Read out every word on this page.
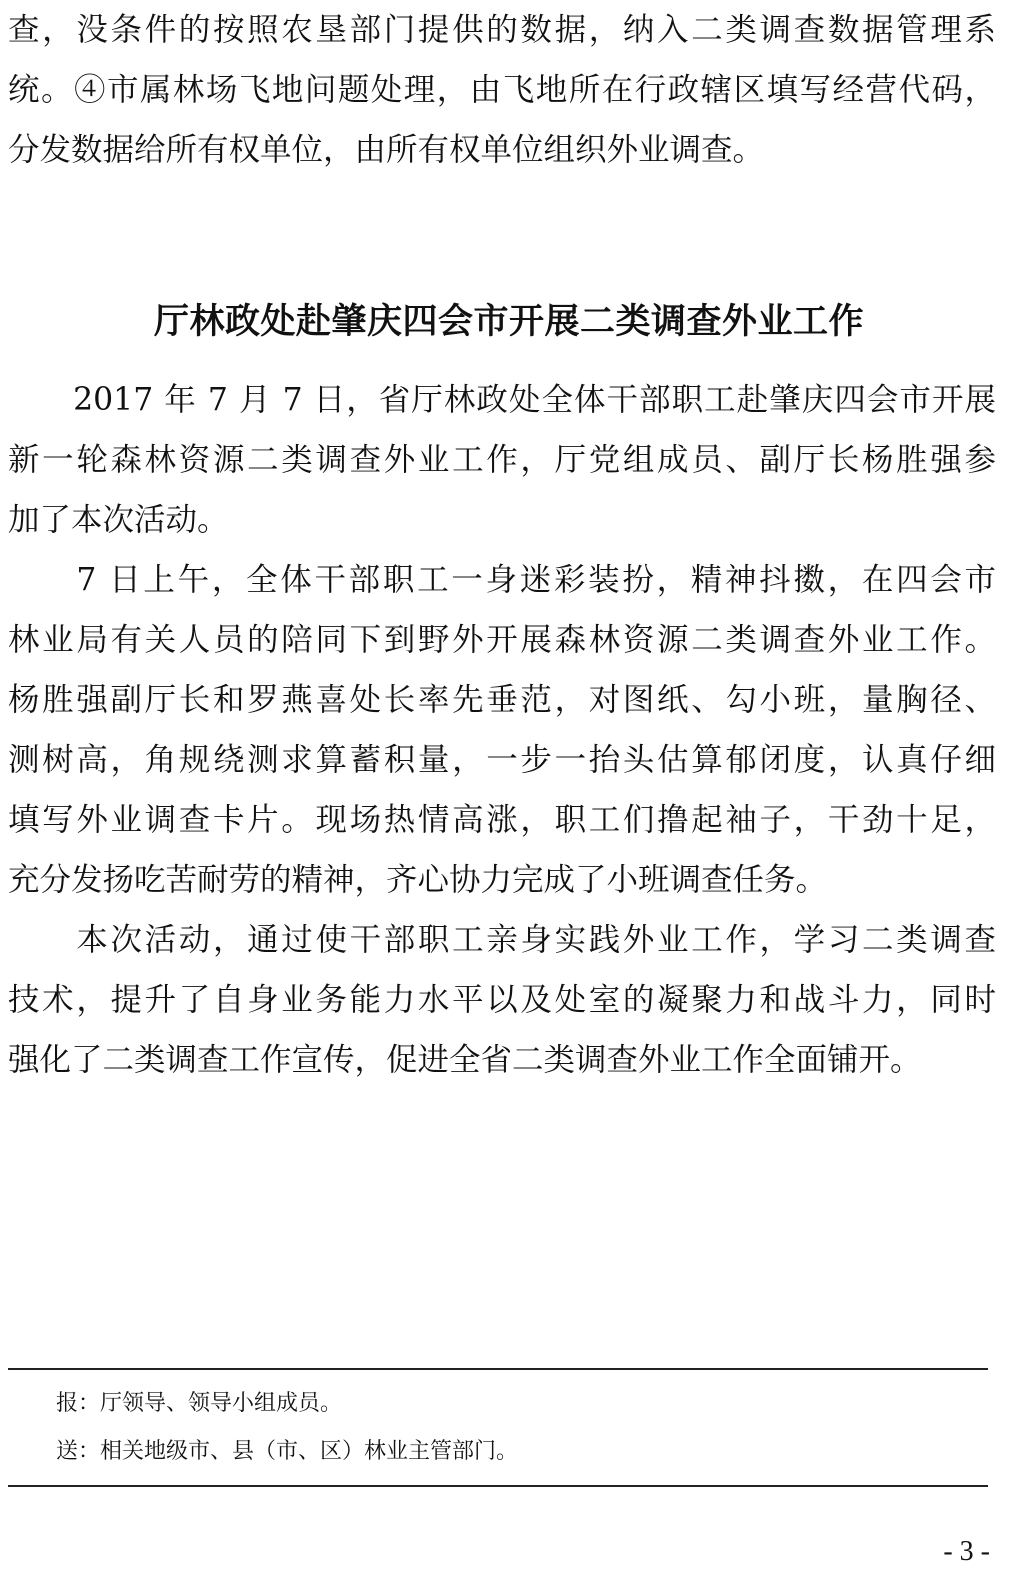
查，没条件的按照农垦部门提供的数据，纳入二类调查数据管理系
统。④市属林场飞地问题处理，由飞地所在行政辖区填写经营代码，
分发数据给所有权单位，由所有权单位组织外业调查。
厅林政处赴肇庆四会市开展二类调查外业工作
　　2017 年 7 月 7 日，省厅林政处全体干部职工赴肇庆四会市开展
新一轮森林资源二类调查外业工作，厅党组成员、副厅长杨胜强参
加了本次活动。
　　7 日上午，全体干部职工一身迷彩装扮，精神抖擞，在四会市
林业局有关人员的陪同下到野外开展森林资源二类调查外业工作。
杨胜强副厅长和罗燕喜处长率先垂范，对图纸、勾小班，量胸径、
测树高，角规绕测求算蓄积量，一步一抬头估算郁闭度，认真仔细
填写外业调查卡片。现场热情高涨，职工们撸起袖子，干劲十足，
充分发扬吃苦耐劳的精神，齐心协力完成了小班调查任务。
　　本次活动，通过使干部职工亲身实践外业工作，学习二类调查
技术，提升了自身业务能力水平以及处室的凝聚力和战斗力，同时
强化了二类调查工作宣传，促进全省二类调查外业工作全面铺开。
报：厅领导、领导小组成员。
送：相关地级市、县（市、区）林业主管部门。
- 3 -
